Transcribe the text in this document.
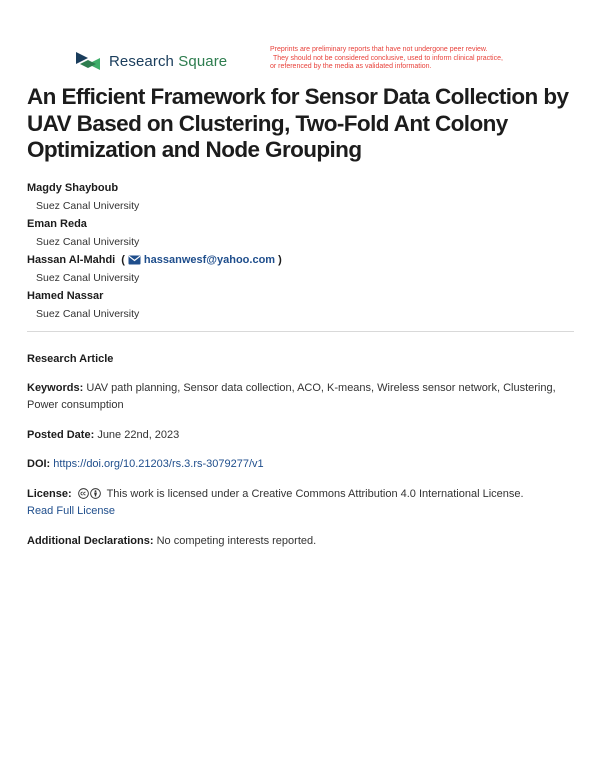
Research Square
Preprints are preliminary reports that have not undergone peer review.
They should not be considered conclusive, used to inform clinical practice,
or referenced by the media as validated information.
An Efficient Framework for Sensor Data Collection by UAV Based on Clustering, Two-Fold Ant Colony Optimization and Node Grouping
Magdy Shayboub
Suez Canal University
Eman Reda
Suez Canal University
Hassan Al-Mahdi ( hassanwesf@yahoo.com )
Suez Canal University
Hamed Nassar
Suez Canal University
Research Article
Keywords: UAV path planning, Sensor data collection, ACO, K-means, Wireless sensor network, Clustering, Power consumption
Posted Date: June 22nd, 2023
DOI: https://doi.org/10.21203/rs.3.rs-3079277/v1
License:	This work is licensed under a Creative Commons Attribution 4.0 International License.
Read Full License
Additional Declarations: No competing interests reported.
